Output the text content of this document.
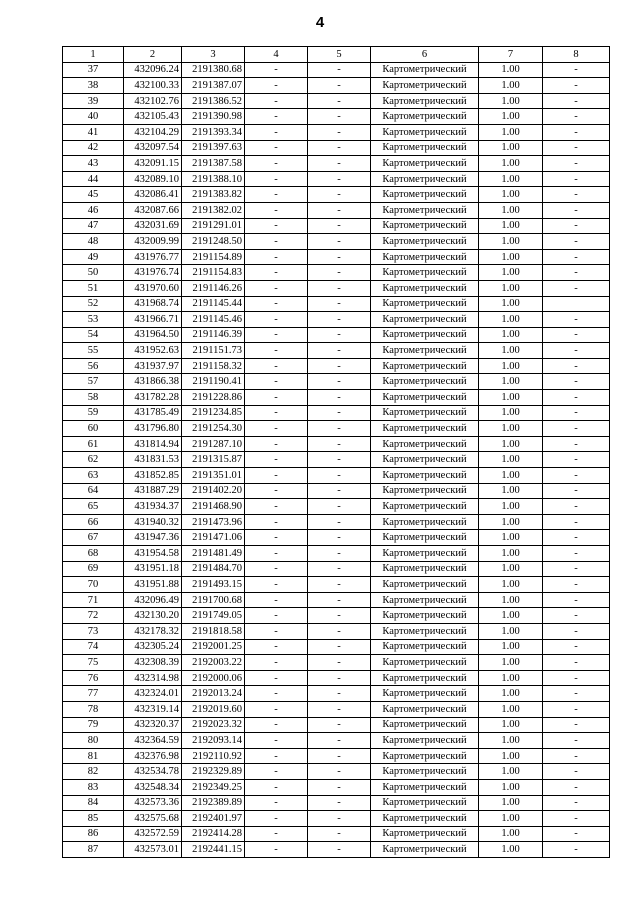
4
1	2	3	4	5	6	7	8
37	432096.24	2191380.68	-	-	Картометрический	1.00	-
38	432100.33	2191387.07	-	-	Картометрический	1.00	-
39	432102.76	2191386.52	-	-	Картометрический	1.00	-
40	432105.43	2191390.98	-	-	Картометрический	1.00	-
41	432104.29	2191393.34	-	-	Картометрический	1.00	-
42	432097.54	2191397.63	-	-	Картометрический	1.00	-
43	432091.15	2191387.58	-	-	Картометрический	1.00	-
44	432089.10	2191388.10	-	-	Картометрический	1.00	-
45	432086.41	2191383.82	-	-	Картометрический	1.00	-
46	432087.66	2191382.02	-	-	Картометрический	1.00	-
47	432031.69	2191291.01	-	-	Картометрический	1.00	-
48	432009.99	2191248.50	-	-	Картометрический	1.00	-
49	431976.77	2191154.89	-	-	Картометрический	1.00	-
50	431976.74	2191154.83	-	-	Картометрический	1.00	-
51	431970.60	2191146.26	-	-	Картометрический	1.00	-
52	431968.74	2191145.44	-	-	Картометрический	1.00	
53	431966.71	2191145.46	-	-	Картометрический	1.00	-
54	431964.50	2191146.39	-	-	Картометрический	1.00	-
55	431952.63	2191151.73	-	-	Картометрический	1.00	-
56	431937.97	2191158.32	-	-	Картометрический	1.00	-
57	431866.38	2191190.41	-	-	Картометрический	1.00	-
58	431782.28	2191228.86	-	-	Картометрический	1.00	-
59	431785.49	2191234.85	-	-	Картометрический	1.00	-
60	431796.80	2191254.30	-	-	Картометрический	1.00	-
61	431814.94	2191287.10	-	-	Картометрический	1.00	-
62	431831.53	2191315.87	-	-	Картометрический	1.00	-
63	431852.85	2191351.01	-	-	Картометрический	1.00	-
64	431887.29	2191402.20	-	-	Картометрический	1.00	-
65	431934.37	2191468.90	-	-	Картометрический	1.00	-
66	431940.32	2191473.96	-	-	Картометрический	1.00	-
67	431947.36	2191471.06	-	-	Картометрический	1.00	-
68	431954.58	2191481.49	-	-	Картометрический	1.00	-
69	431951.18	2191484.70	-	-	Картометрический	1.00	-
70	431951.88	2191493.15	-	-	Картометрический	1.00	-
71	432096.49	2191700.68	-	-	Картометрический	1.00	-
72	432130.20	2191749.05	-	-	Картометрический	1.00	-
73	432178.32	2191818.58	-	-	Картометрический	1.00	-
74	432305.24	2192001.25	-	-	Картометрический	1.00	-
75	432308.39	2192003.22	-	-	Картометрический	1.00	-
76	432314.98	2192000.06	-	-	Картометрический	1.00	-
77	432324.01	2192013.24	-	-	Картометрический	1.00	-
78	432319.14	2192019.60	-	-	Картометрический	1.00	-
79	432320.37	2192023.32	-	-	Картометрический	1.00	-
80	432364.59	2192093.14	-	-	Картометрический	1.00	-
81	432376.98	2192110.92	-	-	Картометрический	1.00	-
82	432534.78	2192329.89	-	-	Картометрический	1.00	-
83	432548.34	2192349.25	-	-	Картометрический	1.00	-
84	432573.36	2192389.89	-	-	Картометрический	1.00	-
85	432575.68	2192401.97	-	-	Картометрический	1.00	-
86	432572.59	2192414.28	-	-	Картометрический	1.00	-
87	432573.01	2192441.15	-	-	Картометрический	1.00	-
